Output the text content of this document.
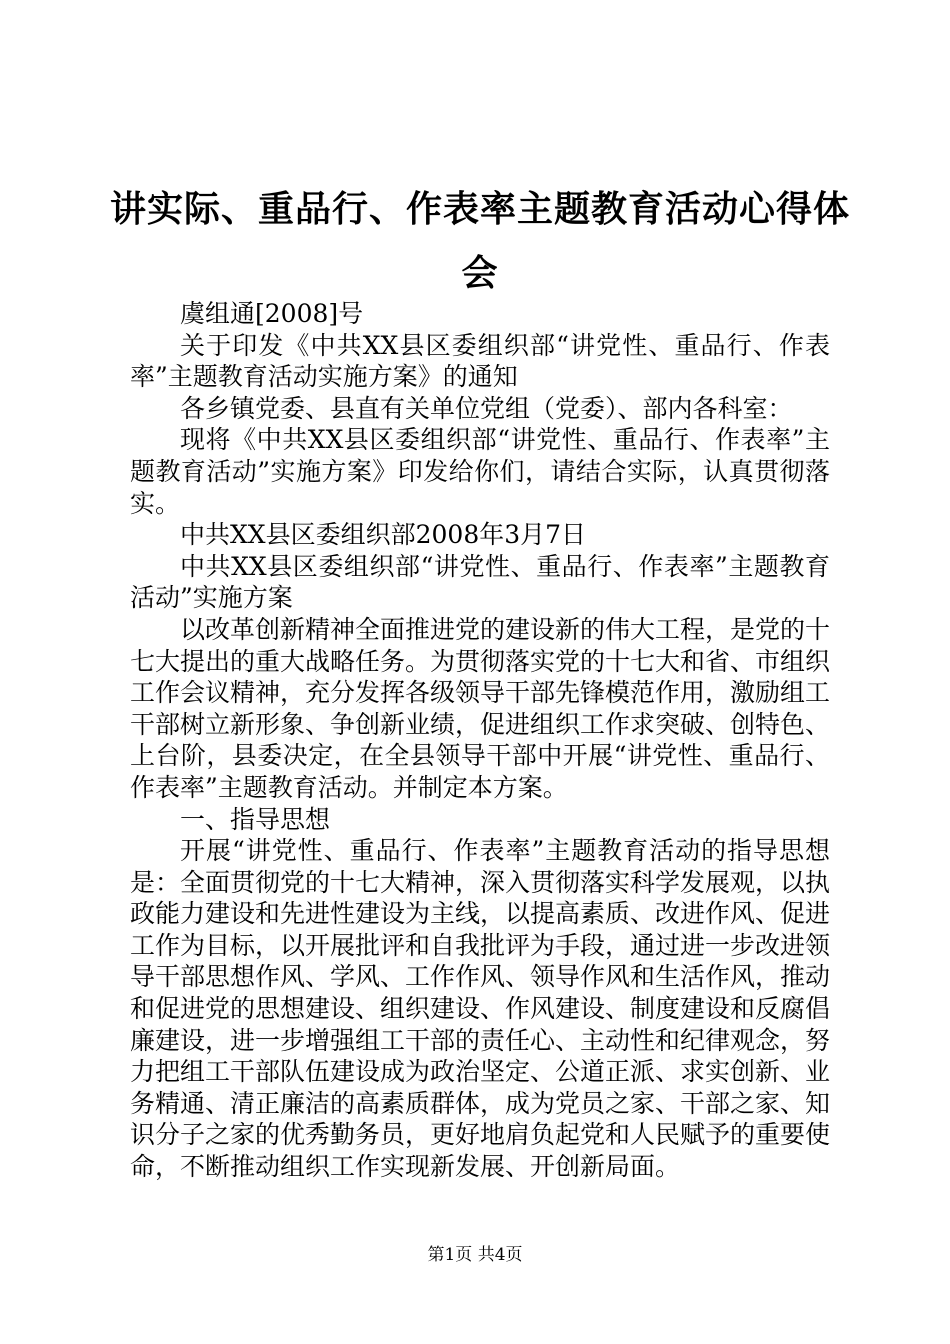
讲实际、重品行、作表率主题教育活动心得体会

虞组通[2008]号

关于印发《中共XX县区委组织部“讲党性、重品行、作表率”主题教育活动实施方案》的通知

各乡镇党委、县直有关单位党组（党委）、部内各科室：

现将《中共XX县区委组织部“讲党性、重品行、作表率”主题教育活动”实施方案》印发给你们，请结合实际，认真贯彻落实。

中共XX县区委组织部2008年3月7日

中共XX县区委组织部“讲党性、重品行、作表率”主题教育活动”实施方案

以改革创新精神全面推进党的建设新的伟大工程，是党的十七大提出的重大战略任务。为贯彻落实党的十七大和省、市组织工作会议精神，充分发挥各级领导干部先锋模范作用，激励组工干部树立新形象、争创新业绩，促进组织工作求突破、创特色、上台阶，县委决定，在全县领导干部中开展“讲党性、重品行、作表率”主题教育活动。并制定本方案。

一、指导思想

开展“讲党性、重品行、作表率”主题教育活动的指导思想是：全面贯彻党的十七大精神，深入贯彻落实科学发展观，以执政能力建设和先进性建设为主线，以提高素质、改进作风、促进工作为目标，以开展批评和自我批评为手段，通过进一步改进领导干部思想作风、学风、工作作风、领导作风和生活作风，推动和促进党的思想建设、组织建设、作风建设、制度建设和反腐倡廉建设，进一步增强组工干部的责任心、主动性和纪律观念，努力把组工干部队伍建设成为政治坚定、公道正派、求实创新、业务精通、清正廉洁的高素质群体，成为党员之家、干部之家、知识分子之家的优秀勤务员，更好地肩负起党和人民赋予的重要使命，不断推动组织工作实现新发展、开创新局面。

第1页 共4页
